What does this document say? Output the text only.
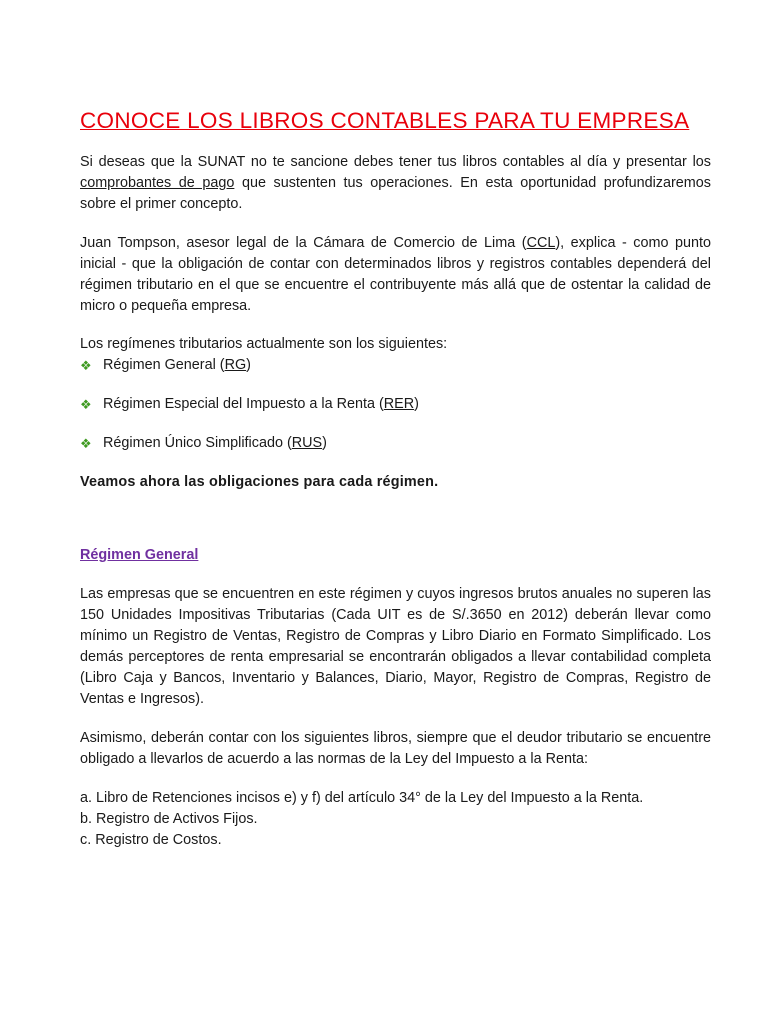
CONOCE LOS LIBROS CONTABLES PARA TU EMPRESA

Si deseas que la SUNAT no te sancione debes tener tus libros contables al día y presentar los comprobantes de pago que sustenten tus operaciones. En esta oportunidad profundizaremos sobre el primer concepto.

Juan Tompson, asesor legal de la Cámara de Comercio de Lima (CCL), explica - como punto inicial - que la obligación de contar con determinados libros y registros contables dependerá del régimen tributario en el que se encuentre el contribuyente más allá que de ostentar la calidad de micro o pequeña empresa.

Los regímenes tributarios actualmente son los siguientes:

❖ Régimen General (RG)
❖ Régimen Especial del Impuesto a la Renta (RER)
❖ Régimen Único Simplificado (RUS)

Veamos ahora las obligaciones para cada régimen.

Régimen General

Las empresas que se encuentren en este régimen y cuyos ingresos brutos anuales no superen las 150 Unidades Impositivas Tributarias (Cada UIT es de S/.3650 en 2012) deberán llevar como mínimo un Registro de Ventas, Registro de Compras y Libro Diario en Formato Simplificado. Los demás perceptores de renta empresarial se encontrarán obligados a llevar contabilidad completa (Libro Caja y Bancos, Inventario y Balances, Diario, Mayor, Registro de Compras, Registro de Ventas e Ingresos).

Asimismo, deberán contar con los siguientes libros, siempre que el deudor tributario se encuentre obligado a llevarlos de acuerdo a las normas de la Ley del Impuesto a la Renta:

a. Libro de Retenciones incisos e) y f) del artículo 34° de la Ley del Impuesto a la Renta.
b. Registro de Activos Fijos.
c. Registro de Costos.
